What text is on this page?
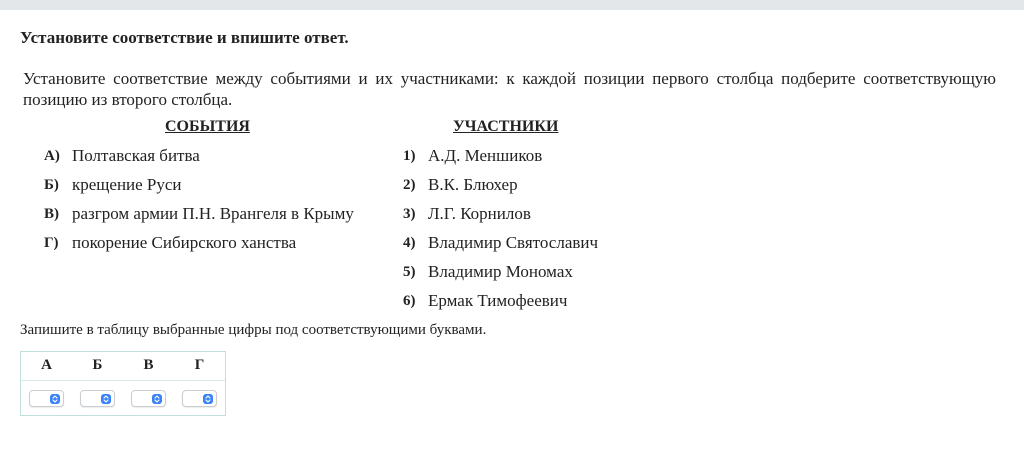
Установите соответствие и впишите ответ.
Установите соответствие между событиями и их участниками: к каждой позиции первого столбца подберите соответствующую позицию из второго столбца.
СОБЫТИЯ	УЧАСТНИКИ
А) Полтавская битва
Б) крещение Руси
В) разгром армии П.Н. Врангеля в Крыму
Г) покорение Сибирского ханства
1) А.Д. Меншиков
2) В.К. Блюхер
3) Л.Г. Корнилов
4) Владимир Святославич
5) Владимир Мономах
6) Ермак Тимофеевич
Запишите в таблицу выбранные цифры под соответствующими буквами.
А	Б	В	Г
